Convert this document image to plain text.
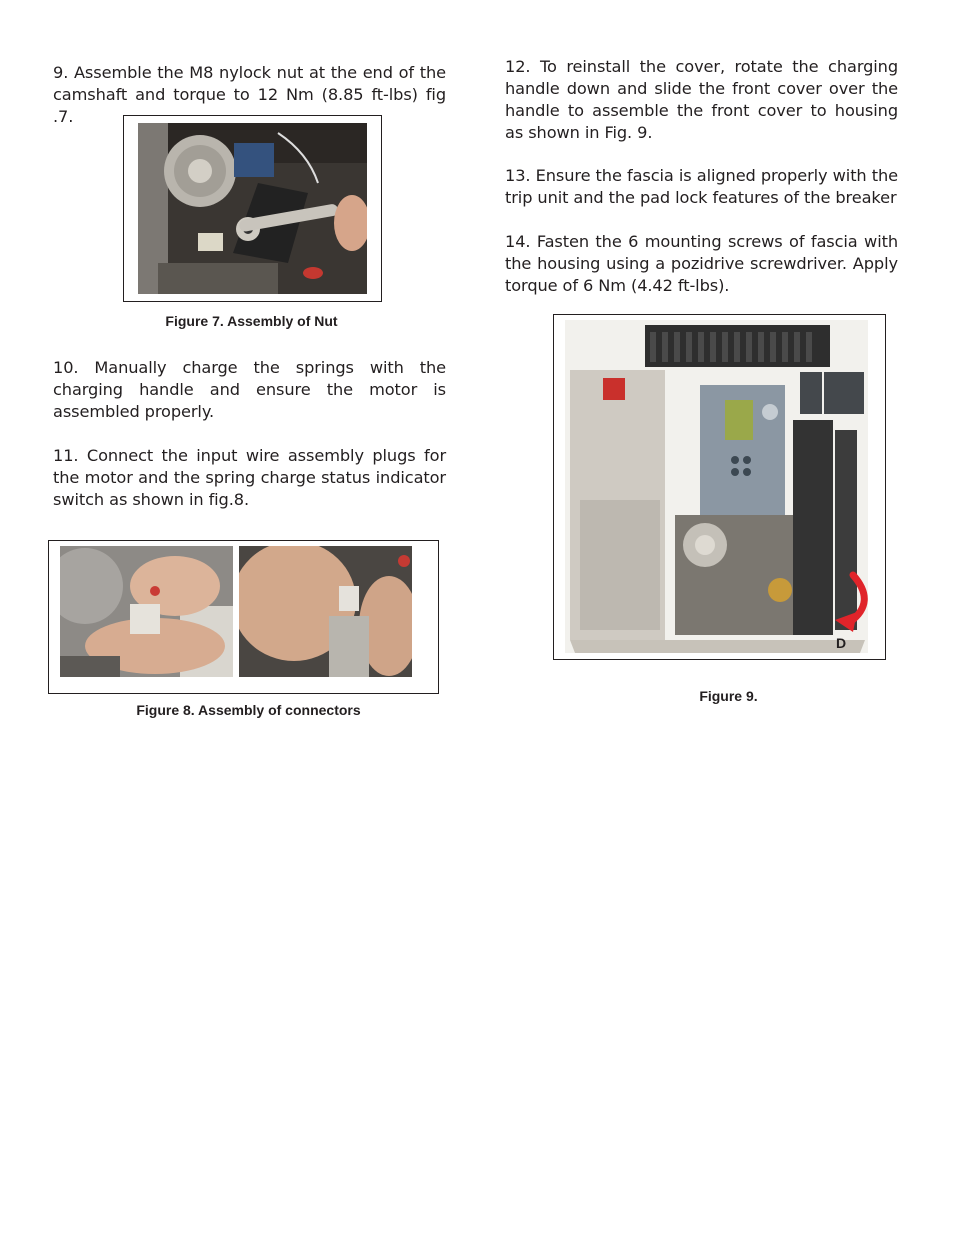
9. Assemble the M8 nylock nut at the end of the camshaft and torque to 12 Nm (8.85 ft-lbs) fig .7.
Figure 7. Assembly of Nut
10. Manually charge the springs with the charging handle and ensure the motor is assembled properly.
11. Connect the input wire assembly plugs for the motor and the spring charge status indicator switch as shown in fig.8.
Figure 8. Assembly of connectors
12. To reinstall the cover, rotate the charging handle down and slide the front cover over the handle to assemble the front cover to housing as shown in Fig. 9.
13. Ensure the fascia is aligned properly with the trip unit and the pad lock features of the breaker
14. Fasten the 6 mounting screws of fascia with the housing using a pozidrive screwdriver. Apply torque of 6 Nm (4.42 ft-lbs).
D
Figure 9.
